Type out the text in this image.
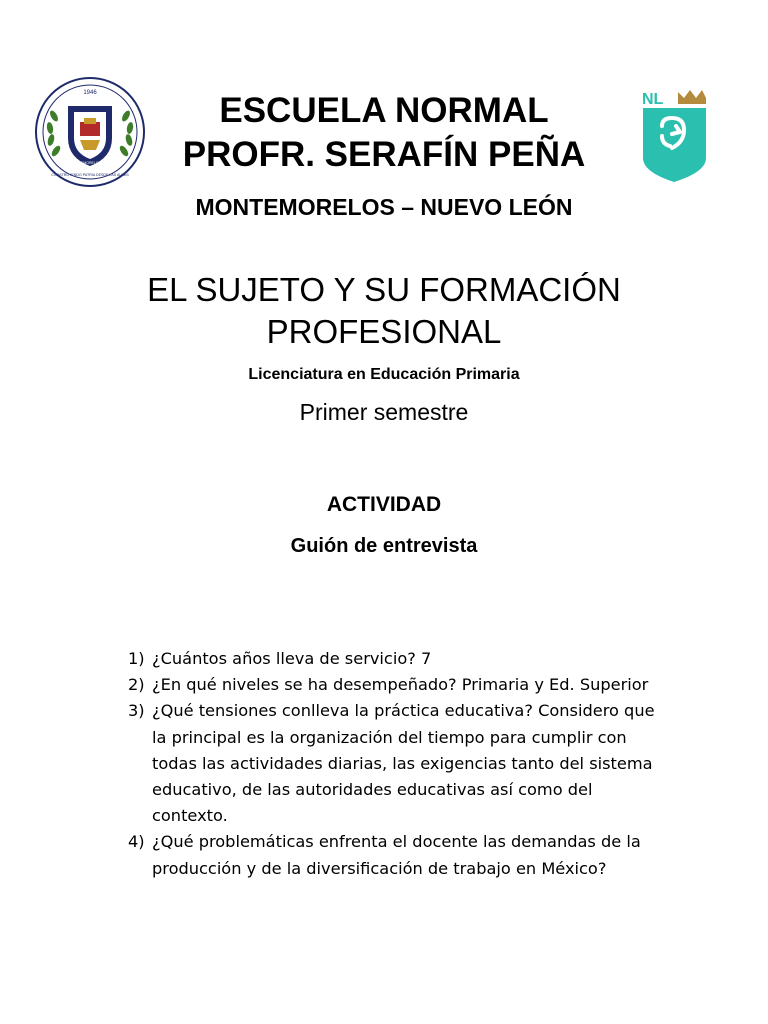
1946
ESCUELA NORMAL
CONSTRUYENDO PATRIA DESDE LAS AULAS
MONTEMORELOS N. L.
NL
ESCUELA NORMAL
PROFR. SERAFÍN PEÑA
MONTEMORELOS – NUEVO LEÓN
EL SUJETO Y SU FORMACIÓN
PROFESIONAL
Licenciatura en Educación Primaria
Primer semestre
ACTIVIDAD
Guión de entrevista
1) ¿Cuántos años lleva de servicio? 7
2) ¿En qué niveles se ha desempeñado? Primaria y Ed. Superior
3) ¿Qué tensiones conlleva la práctica educativa? Considero que
la principal es la organización del tiempo para cumplir con
todas las actividades diarias, las exigencias tanto del sistema
educativo, de las autoridades educativas así como del
contexto.
4) ¿Qué problemáticas enfrenta el docente las demandas de la
producción y de la diversificación de trabajo en México?
